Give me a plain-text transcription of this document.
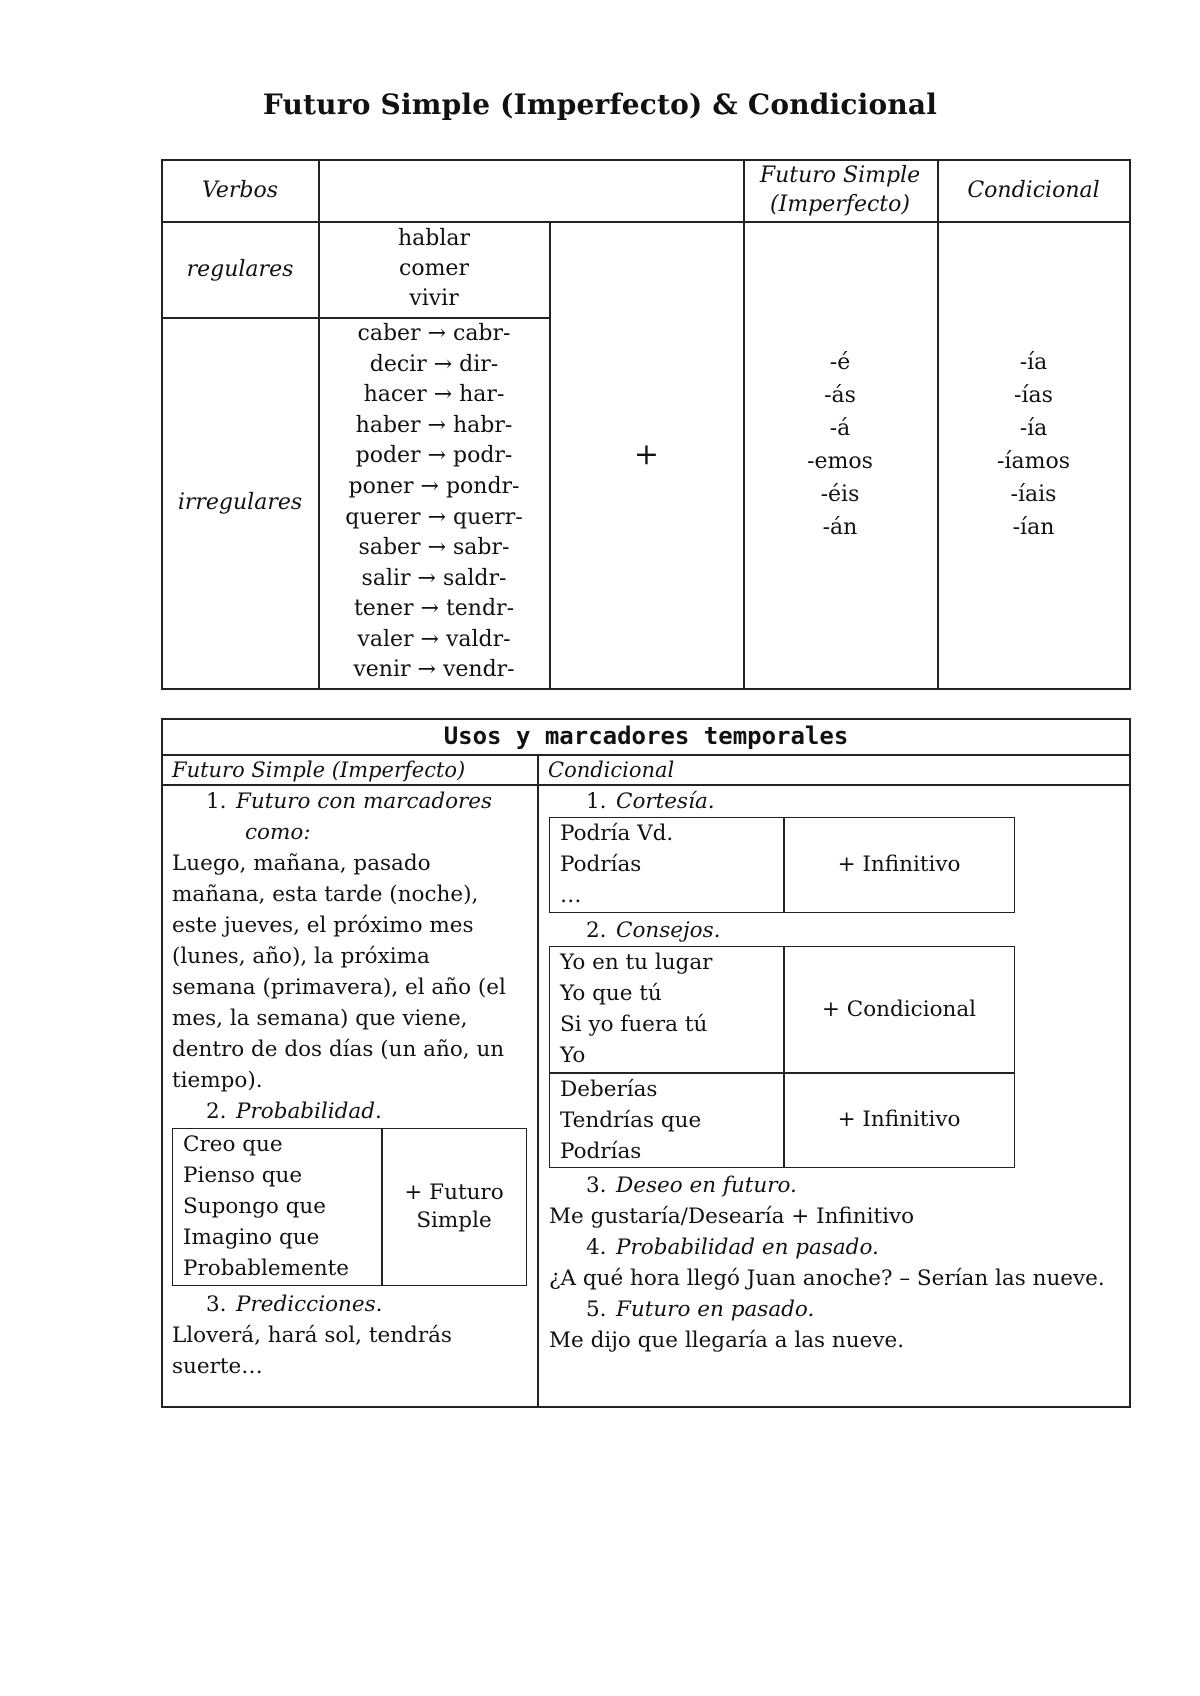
Futuro Simple (Imperfecto) & Condicional
Verbos
Futuro Simple
(Imperfecto)
Condicional
regulares
hablar
comer
vivir
irregulares
caber → cabr-
decir → dir-
hacer → har-
haber → habr-
poder → podr-
poner → pondr-
querer → querr-
saber → sabr-
salir → saldr-
tener → tendr-
valer → valdr-
venir → vendr-
+
-é
-ás
-á
-emos
-éis
-án
-ía
-ías
-ía
-íamos
-íais
-ían
Usos y marcadores temporales
Futuro Simple (Imperfecto)	Condicional
1. Futuro con marcadores
como:
Luego, mañana, pasado
mañana, esta tarde (noche),
este jueves, el próximo mes
(lunes, año), la próxima
semana (primavera), el año (el
mes, la semana) que viene,
dentro de dos días (un año, un
tiempo).
2. Probabilidad.
Creo que
Pienso que
Supongo que
Imagino que
Probablemente
+ Futuro
Simple
3. Predicciones.
Lloverá, hará sol, tendrás
suerte…
1. Cortesía.
Podría Vd.
Podrías
…
+ Infinitivo
2. Consejos.
Yo en tu lugar
Yo que tú
Si yo fuera tú
Yo
+ Condicional
Deberías
Tendrías que
Podrías
+ Infinitivo
3. Deseo en futuro.
Me gustaría/Desearía + Infinitivo
4. Probabilidad en pasado.
¿A qué hora llegó Juan anoche? – Serían las nueve.
5. Futuro en pasado.
Me dijo que llegaría a las nueve.
